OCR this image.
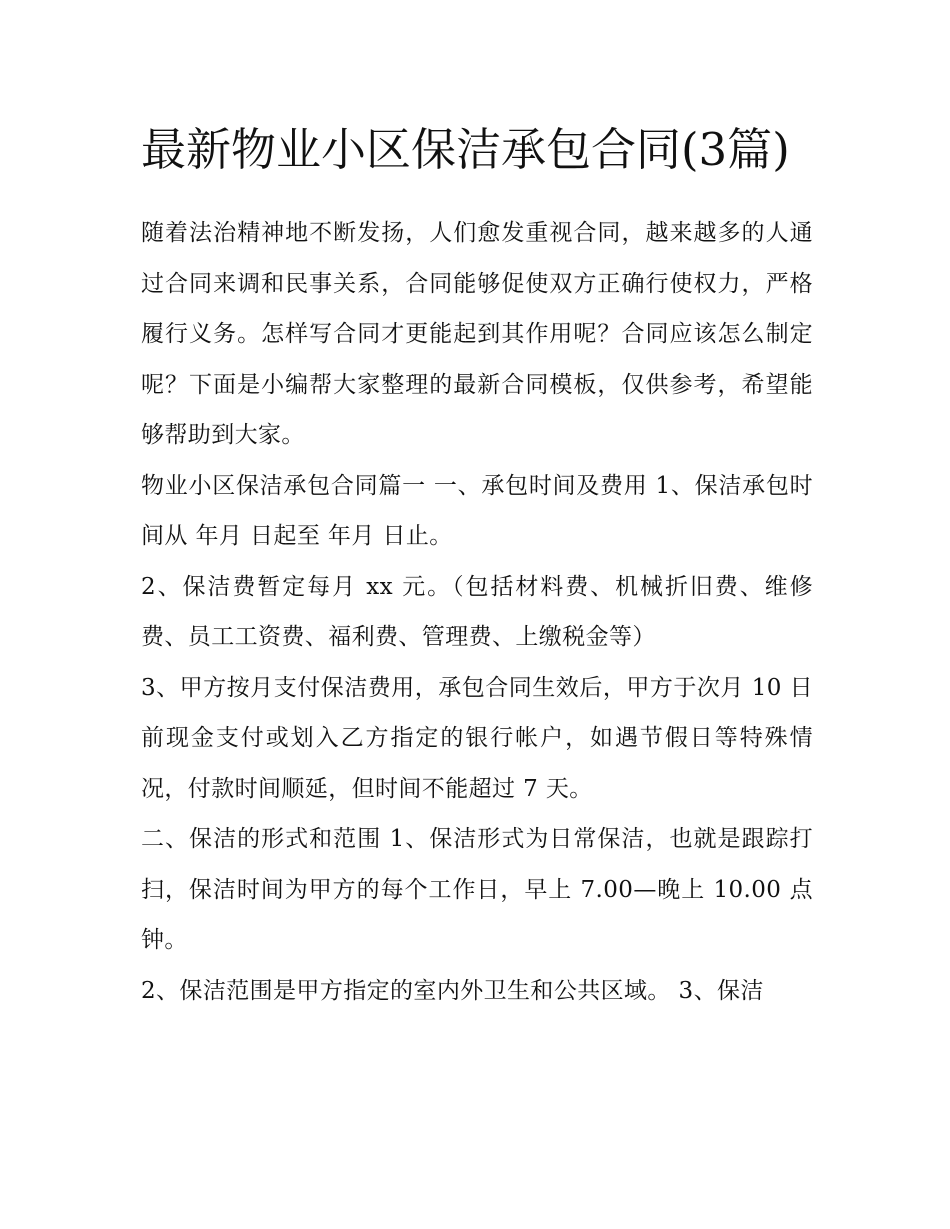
最新物业小区保洁承包合同(3篇)

随着法治精神地不断发扬，人们愈发重视合同，越来越多的人通过合同来调和民事关系，合同能够促使双方正确行使权力，严格履行义务。怎样写合同才更能起到其作用呢？合同应该怎么制定呢？下面是小编帮大家整理的最新合同模板，仅供参考，希望能够帮助到大家。

物业小区保洁承包合同篇一 一、承包时间及费用 1、保洁承包时间从 年月 日起至 年月 日止。

2、保洁费暂定每月 xx 元。（包括材料费、机械折旧费、维修费、员工工资费、福利费、管理费、上缴税金等）

3、甲方按月支付保洁费用，承包合同生效后，甲方于次月 10 日前现金支付或划入乙方指定的银行帐户，如遇节假日等特殊情况，付款时间顺延，但时间不能超过 7 天。

二、保洁的形式和范围 1、保洁形式为日常保洁，也就是跟踪打扫，保洁时间为甲方的每个工作日，早上 7.00—晚上 10.00 点钟。

2、保洁范围是甲方指定的室内外卫生和公共区域。 3、保洁
